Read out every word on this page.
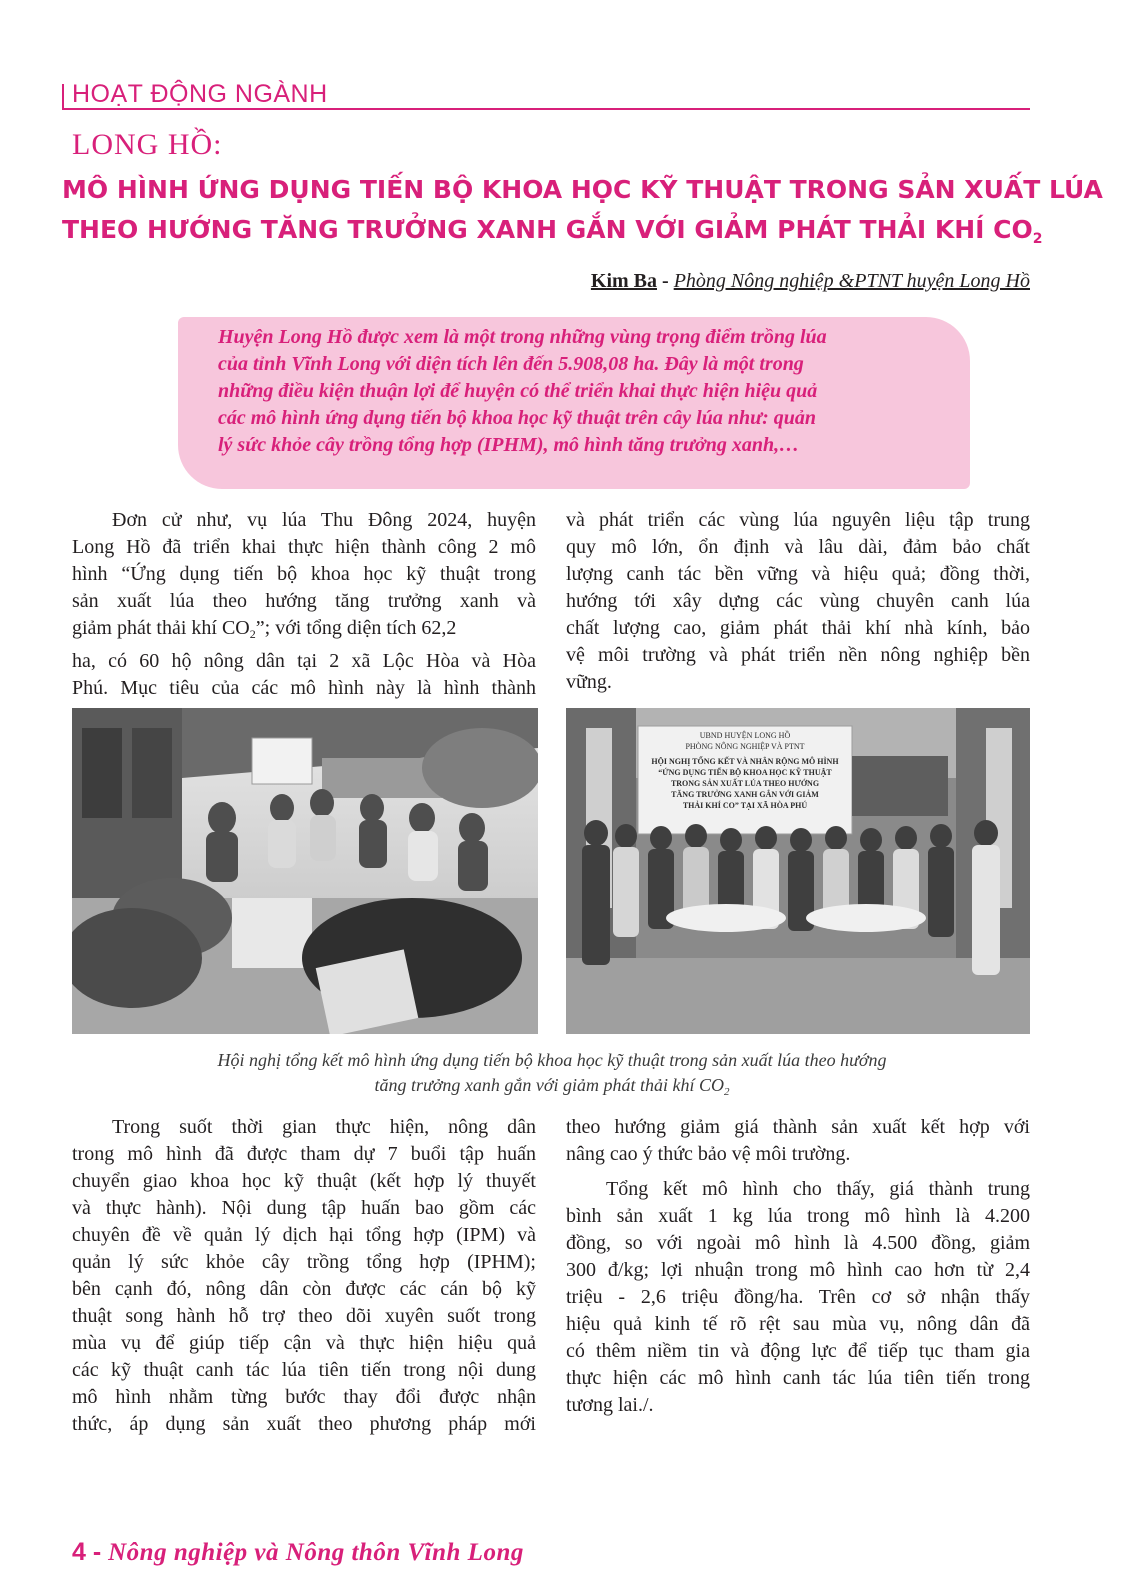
HOẠT ĐỘNG NGÀNH
LONG HỒ:
MÔ HÌNH ỨNG DỤNG TIẾN BỘ KHOA HỌC KỸ THUẬT TRONG SẢN XUẤT LÚA
THEO HƯỚNG TĂNG TRƯỞNG XANH GẮN VỚI GIẢM PHÁT THẢI KHÍ $CO_2$
Kim Ba - Phòng Nông nghiệp &PTNT huyện Long Hồ
Huyện Long Hồ được xem là một trong những vùng trọng điểm trồng lúa
của tỉnh Vĩnh Long với diện tích lên đến 5.908,08 ha. Đây là một trong
những điều kiện thuận lợi để huyện có thể triển khai thực hiện hiệu quả
các mô hình ứng dụng tiến bộ khoa học kỹ thuật trên cây lúa như: quản
lý sức khỏe cây trồng tổng hợp (IPHM), mô hình tăng trưởng xanh,…
Đơn cử như, vụ lúa Thu Đông 2024, huyện
Long Hồ đã triển khai thực hiện thành công 2 mô
hình “Ứng dụng tiến bộ khoa học kỹ thuật trong
sản xuất lúa theo hướng tăng trưởng xanh và
giảm phát thải khí $CO_2$”; với tổng diện tích 62,2
ha, có 60 hộ nông dân tại 2 xã Lộc Hòa và Hòa
Phú. Mục tiêu của các mô hình này là hình thành
và phát triển các vùng lúa nguyên liệu tập trung
quy mô lớn, ổn định và lâu dài, đảm bảo chất
lượng canh tác bền vững và hiệu quả; đồng thời,
hướng tới xây dựng các vùng chuyên canh lúa
chất lượng cao, giảm phát thải khí nhà kính, bảo
vệ môi trường và phát triển nền nông nghiệp bền
vững.
UBND HUYỆN LONG HỒ
PHÒNG NÔNG NGHIỆP VÀ PTNT
HỘI NGHỊ TỔNG KẾT VÀ NHÂN RỘNG MÔ HÌNH
“ỨNG DỤNG TIẾN BỘ KHOA HỌC KỸ THUẬT
TRONG SẢN XUẤT LÚA THEO HƯỚNG
TĂNG TRƯỞNG XANH GẮN VỚI GIẢM
THẢI KHÍ CO” TẠI XÃ HÒA PHÚ
Hội nghị tổng kết mô hình ứng dụng tiến bộ khoa học kỹ thuật trong sản xuất lúa theo hướng
tăng trưởng xanh gắn với giảm phát thải khí $CO_2$
Trong suốt thời gian thực hiện, nông dân
trong mô hình đã được tham dự 7 buổi tập huấn
chuyển giao khoa học kỹ thuật (kết hợp lý thuyết
và thực hành). Nội dung tập huấn bao gồm các
chuyên đề về quản lý dịch hại tổng hợp (IPM) và
quản lý sức khỏe cây trồng tổng hợp (IPHM);
bên cạnh đó, nông dân còn được các cán bộ kỹ
thuật song hành hỗ trợ theo dõi xuyên suốt trong
mùa vụ để giúp tiếp cận và thực hiện hiệu quả
các kỹ thuật canh tác lúa tiên tiến trong nội dung
mô hình nhằm từng bước thay đổi được nhận
thức, áp dụng sản xuất theo phương pháp mới
theo hướng giảm giá thành sản xuất kết hợp với
nâng cao ý thức bảo vệ môi trường.
Tổng kết mô hình cho thấy, giá thành trung
bình sản xuất 1 kg lúa trong mô hình là 4.200
đồng, so với ngoài mô hình là 4.500 đồng, giảm
300 đ/kg; lợi nhuận trong mô hình cao hơn từ 2,4
triệu - 2,6 triệu đồng/ha. Trên cơ sở nhận thấy
hiệu quả kinh tế rõ rệt sau mùa vụ, nông dân đã
có thêm niềm tin và động lực để tiếp tục tham gia
thực hiện các mô hình canh tác lúa tiên tiến trong
tương lai./.
4 - Nông nghiệp và Nông thôn Vĩnh Long
